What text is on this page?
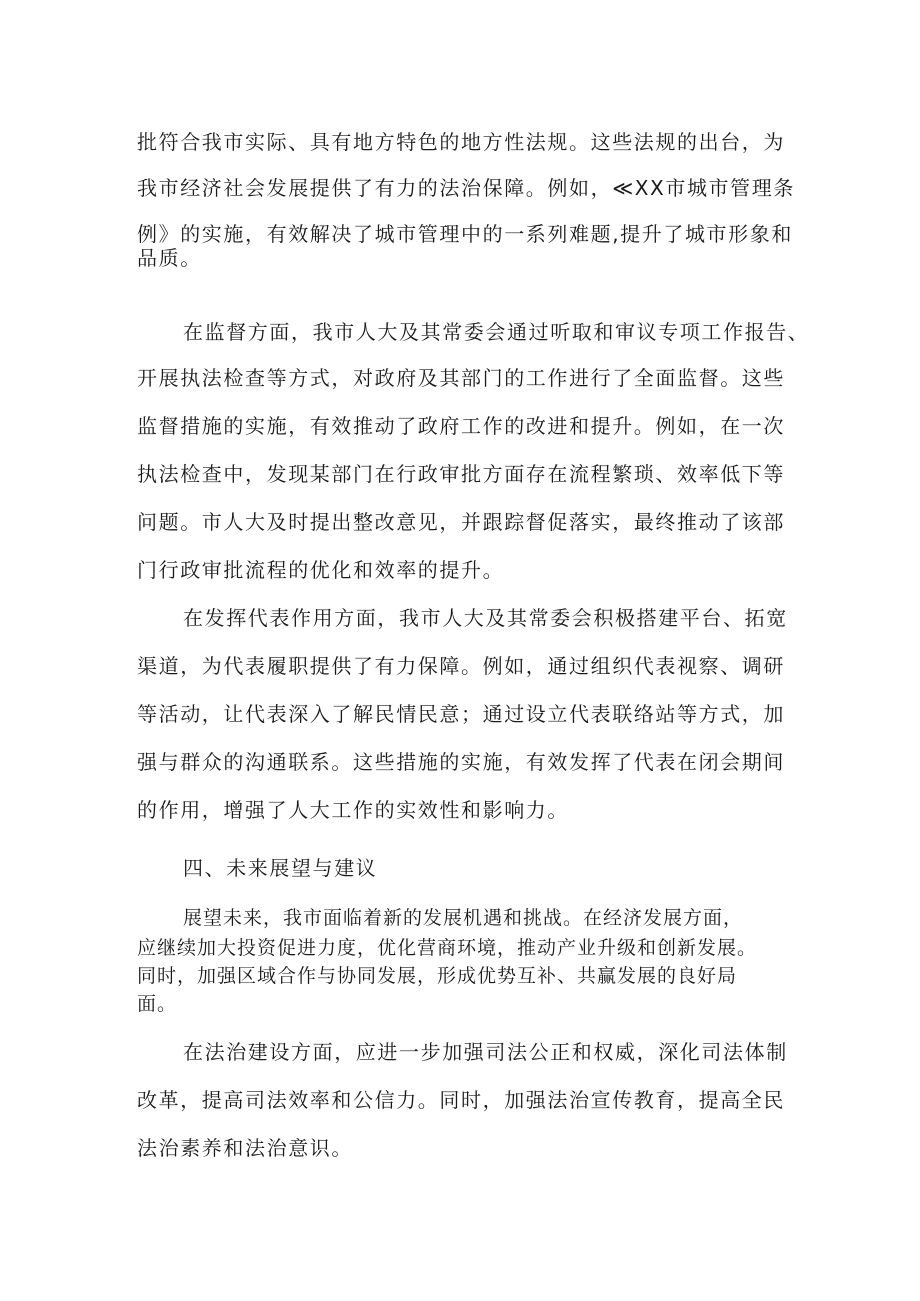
批符合我市实际、具有地方特色的地方性法规。这些法规的出台，为
我市经济社会发展提供了有力的法治保障。例如，≪XX市城市管理条
例》的实施，有效解决了城市管理中的一系列难题,提升了城市形象和
品质。
在监督方面，我市人大及其常委会通过听取和审议专项工作报告、
开展执法检查等方式，对政府及其部门的工作进行了全面监督。这些
监督措施的实施，有效推动了政府工作的改进和提升。例如，在一次
执法检查中，发现某部门在行政审批方面存在流程繁琐、效率低下等
问题。市人大及时提出整改意见，并跟踪督促落实，最终推动了该部
门行政审批流程的优化和效率的提升。
在发挥代表作用方面，我市人大及其常委会积极搭建平台、拓宽
渠道，为代表履职提供了有力保障。例如，通过组织代表视察、调研
等活动，让代表深入了解民情民意；通过设立代表联络站等方式，加
强与群众的沟通联系。这些措施的实施，有效发挥了代表在闭会期间
的作用，增强了人大工作的实效性和影响力。
四、未来展望与建议
展望未来，我市面临着新的发展机遇和挑战。在经济发展方面，
应继续加大投资促进力度，优化营商环境，推动产业升级和创新发展。
同时，加强区域合作与协同发展，形成优势互补、共赢发展的良好局
面。
在法治建设方面，应进一步加强司法公正和权威，深化司法体制
改革，提高司法效率和公信力。同时，加强法治宣传教育，提高全民
法治素养和法治意识。
